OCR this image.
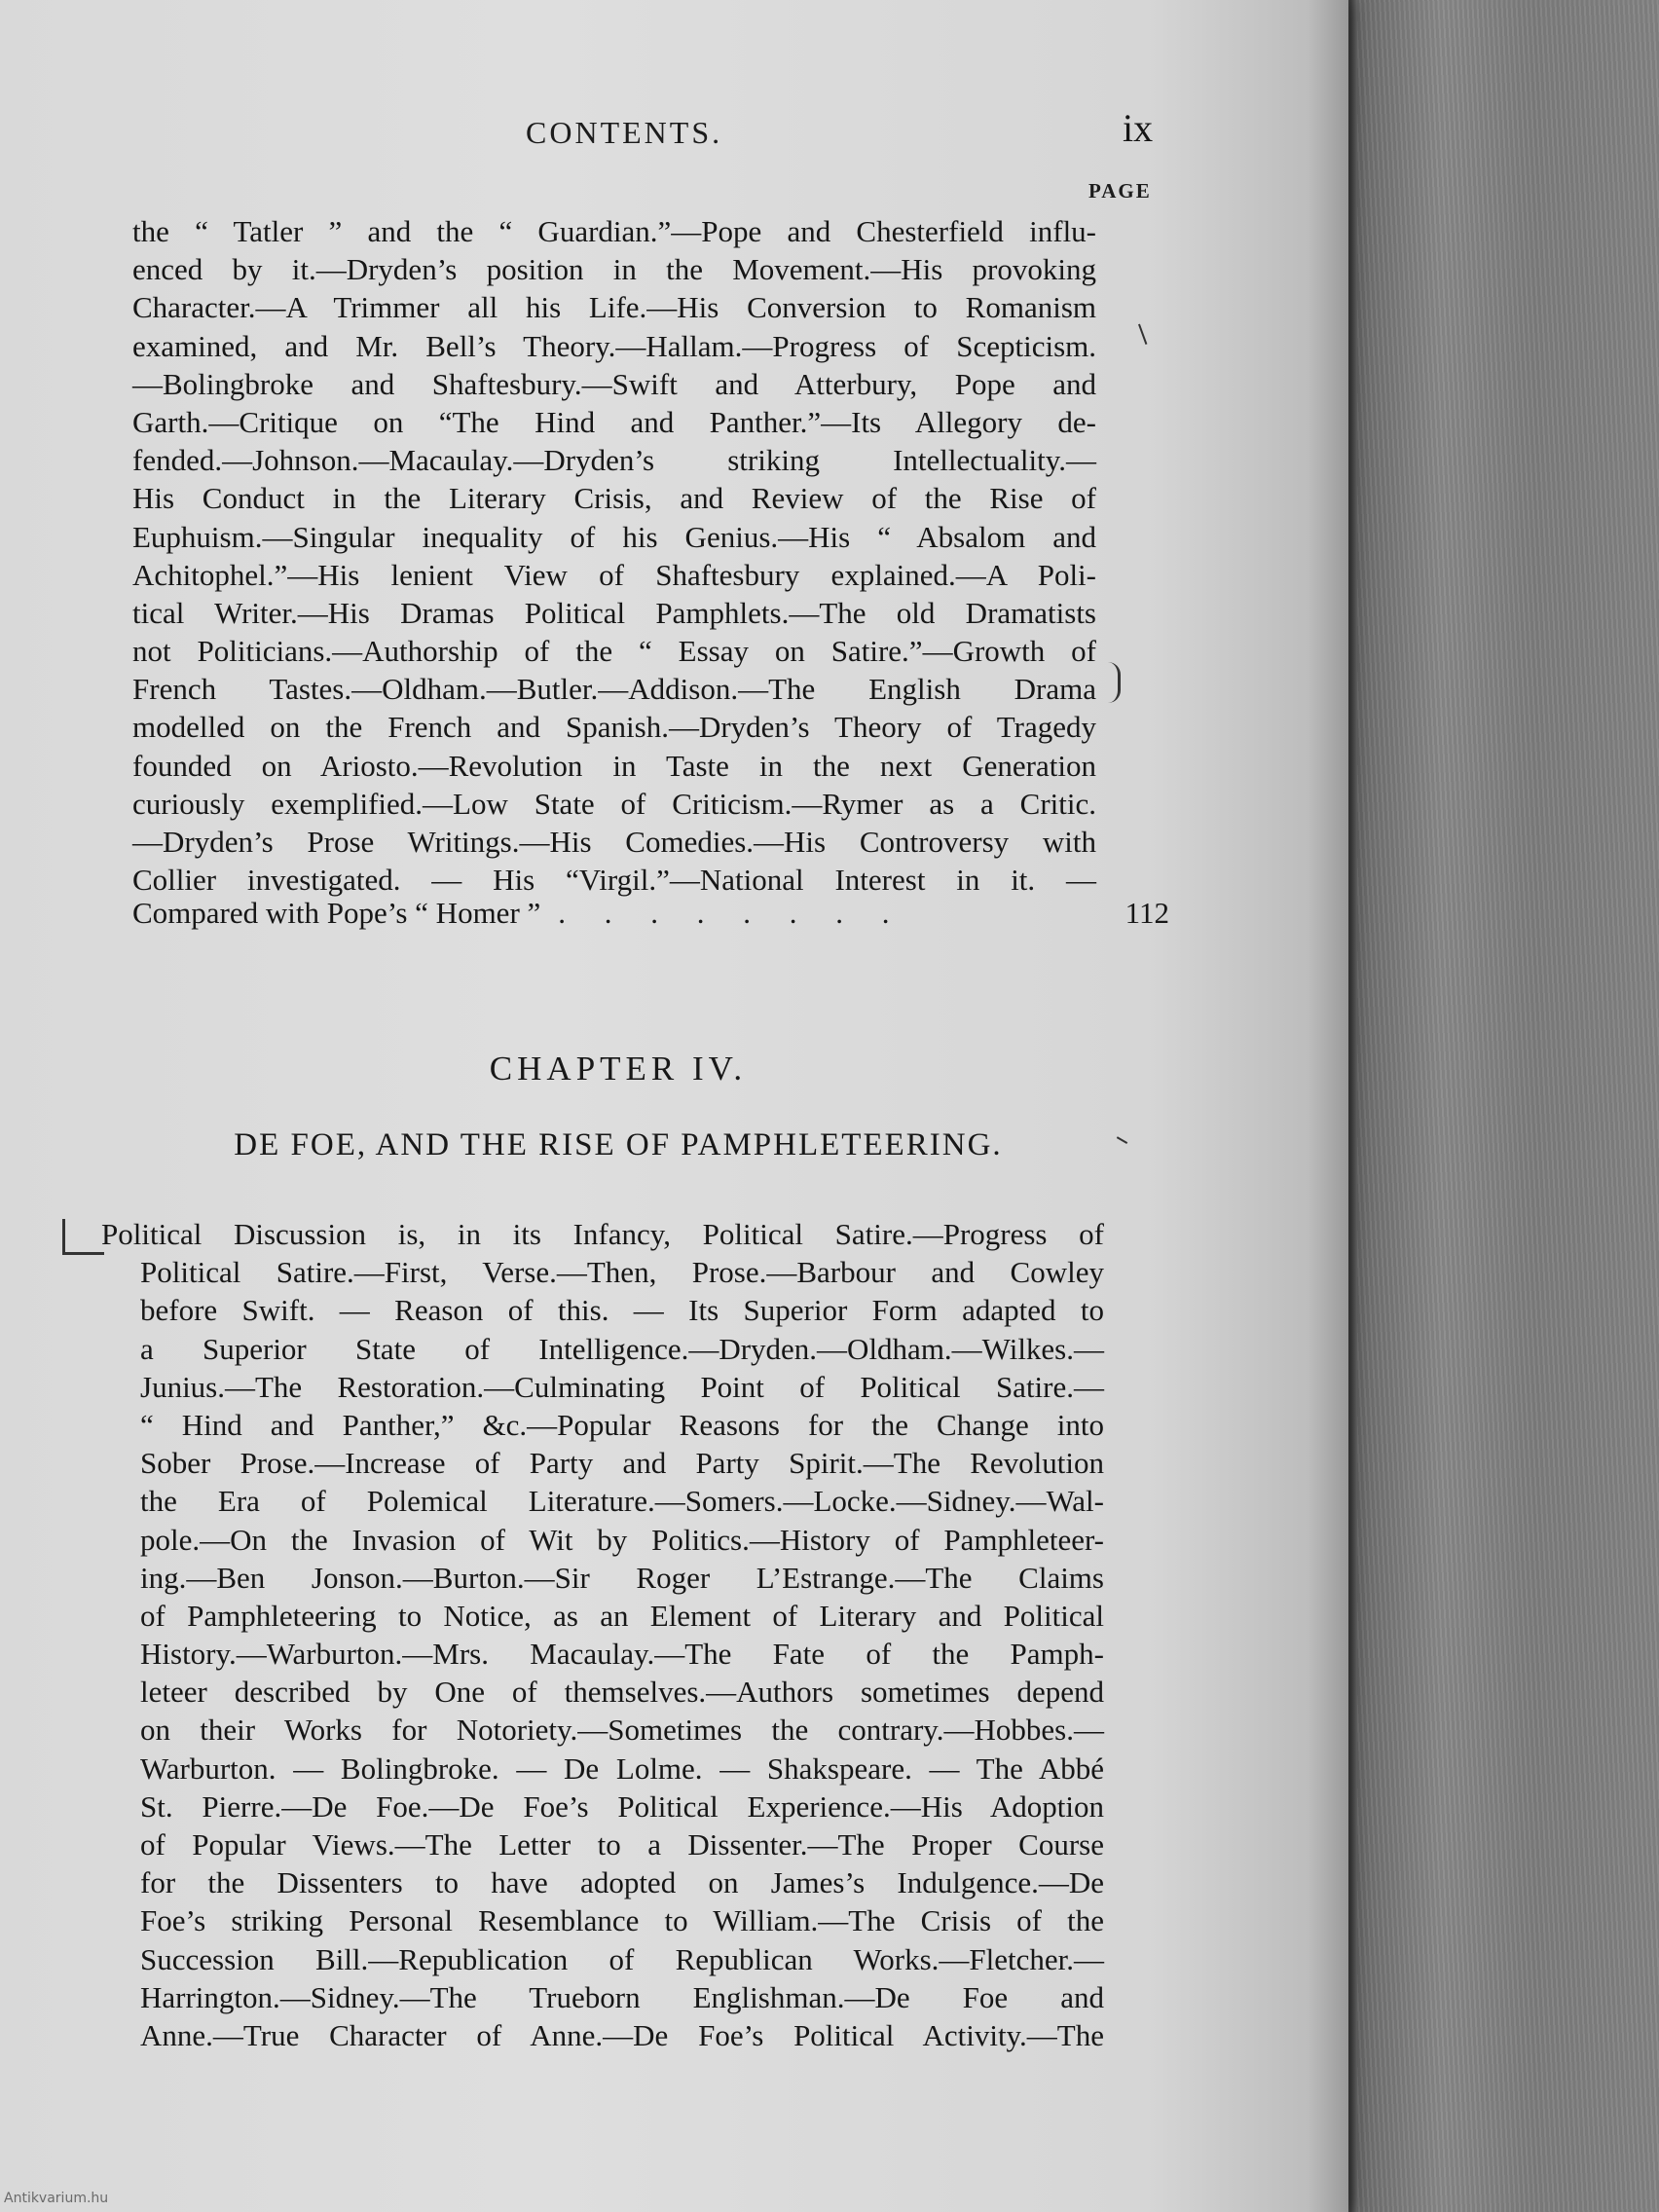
CONTENTS.	ix
PAGE
the “ Tatler ” and the “ Guardian.”—Pope and Chesterfield influ-
enced by it.—Dryden’s position in the Movement.—His provoking
Character.—A Trimmer all his Life.—His Conversion to Romanism
examined, and Mr. Bell’s Theory.—Hallam.—Progress of Scepticism.
—Bolingbroke and Shaftesbury.—Swift and Atterbury, Pope and
Garth.—Critique on “The Hind and Panther.”—Its Allegory de-
fended.—Johnson.—Macaulay.—Dryden’s striking Intellectuality.—
His Conduct in the Literary Crisis, and Review of the Rise of
Euphuism.—Singular inequality of his Genius.—His “ Absalom and
Achitophel.”—His lenient View of Shaftesbury explained.—A Poli-
tical Writer.—His Dramas Political Pamphlets.—The old Dramatists
not Politicians.—Authorship of the “ Essay on Satire.”—Growth of
French Tastes.—Oldham.—Butler.—Addison.—The English Drama
modelled on the French and Spanish.—Dryden’s Theory of Tragedy
founded on Ariosto.—Revolution in Taste in the next Generation
curiously exemplified.—Low State of Criticism.—Rymer as a Critic.
—Dryden’s Prose Writings.—His Comedies.—His Controversy with
Collier investigated. — His “Virgil.”—National Interest in it. —
Compared with Pope’s “ Homer ” . . . . . . . .	112
CHAPTER IV.
DE FOE, AND THE RISE OF PAMPHLETEERING.
Political Discussion is, in its Infancy, Political Satire.—Progress of
Political Satire.—First, Verse.—Then, Prose.—Barbour and Cowley
before Swift. — Reason of this. — Its Superior Form adapted to
a Superior State of Intelligence.—Dryden.—Oldham.—Wilkes.—
Junius.—The Restoration.—Culminating Point of Political Satire.—
“ Hind and Panther,” &c.—Popular Reasons for the Change into
Sober Prose.—Increase of Party and Party Spirit.—The Revolution
the Era of Polemical Literature.—Somers.—Locke.—Sidney.—Wal-
pole.—On the Invasion of Wit by Politics.—History of Pamphleteer-
ing.—Ben Jonson.—Burton.—Sir Roger L’Estrange.—The Claims
of Pamphleteering to Notice, as an Element of Literary and Political
History.—Warburton.—Mrs. Macaulay.—The Fate of the Pamph-
leteer described by One of themselves.—Authors sometimes depend
on their Works for Notoriety.—Sometimes the contrary.—Hobbes.—
Warburton. — Bolingbroke. — De Lolme. — Shakspeare. — The Abbé
St. Pierre.—De Foe.—De Foe’s Political Experience.—His Adoption
of Popular Views.—The Letter to a Dissenter.—The Proper Course
for the Dissenters to have adopted on James’s Indulgence.—De
Foe’s striking Personal Resemblance to William.—The Crisis of the
Succession Bill.—Republication of Republican Works.—Fletcher.—
Harrington.—Sidney.—The Trueborn Englishman.—De Foe and
Anne.—True Character of Anne.—De Foe’s Political Activity.—The
Antikvarium.hu
